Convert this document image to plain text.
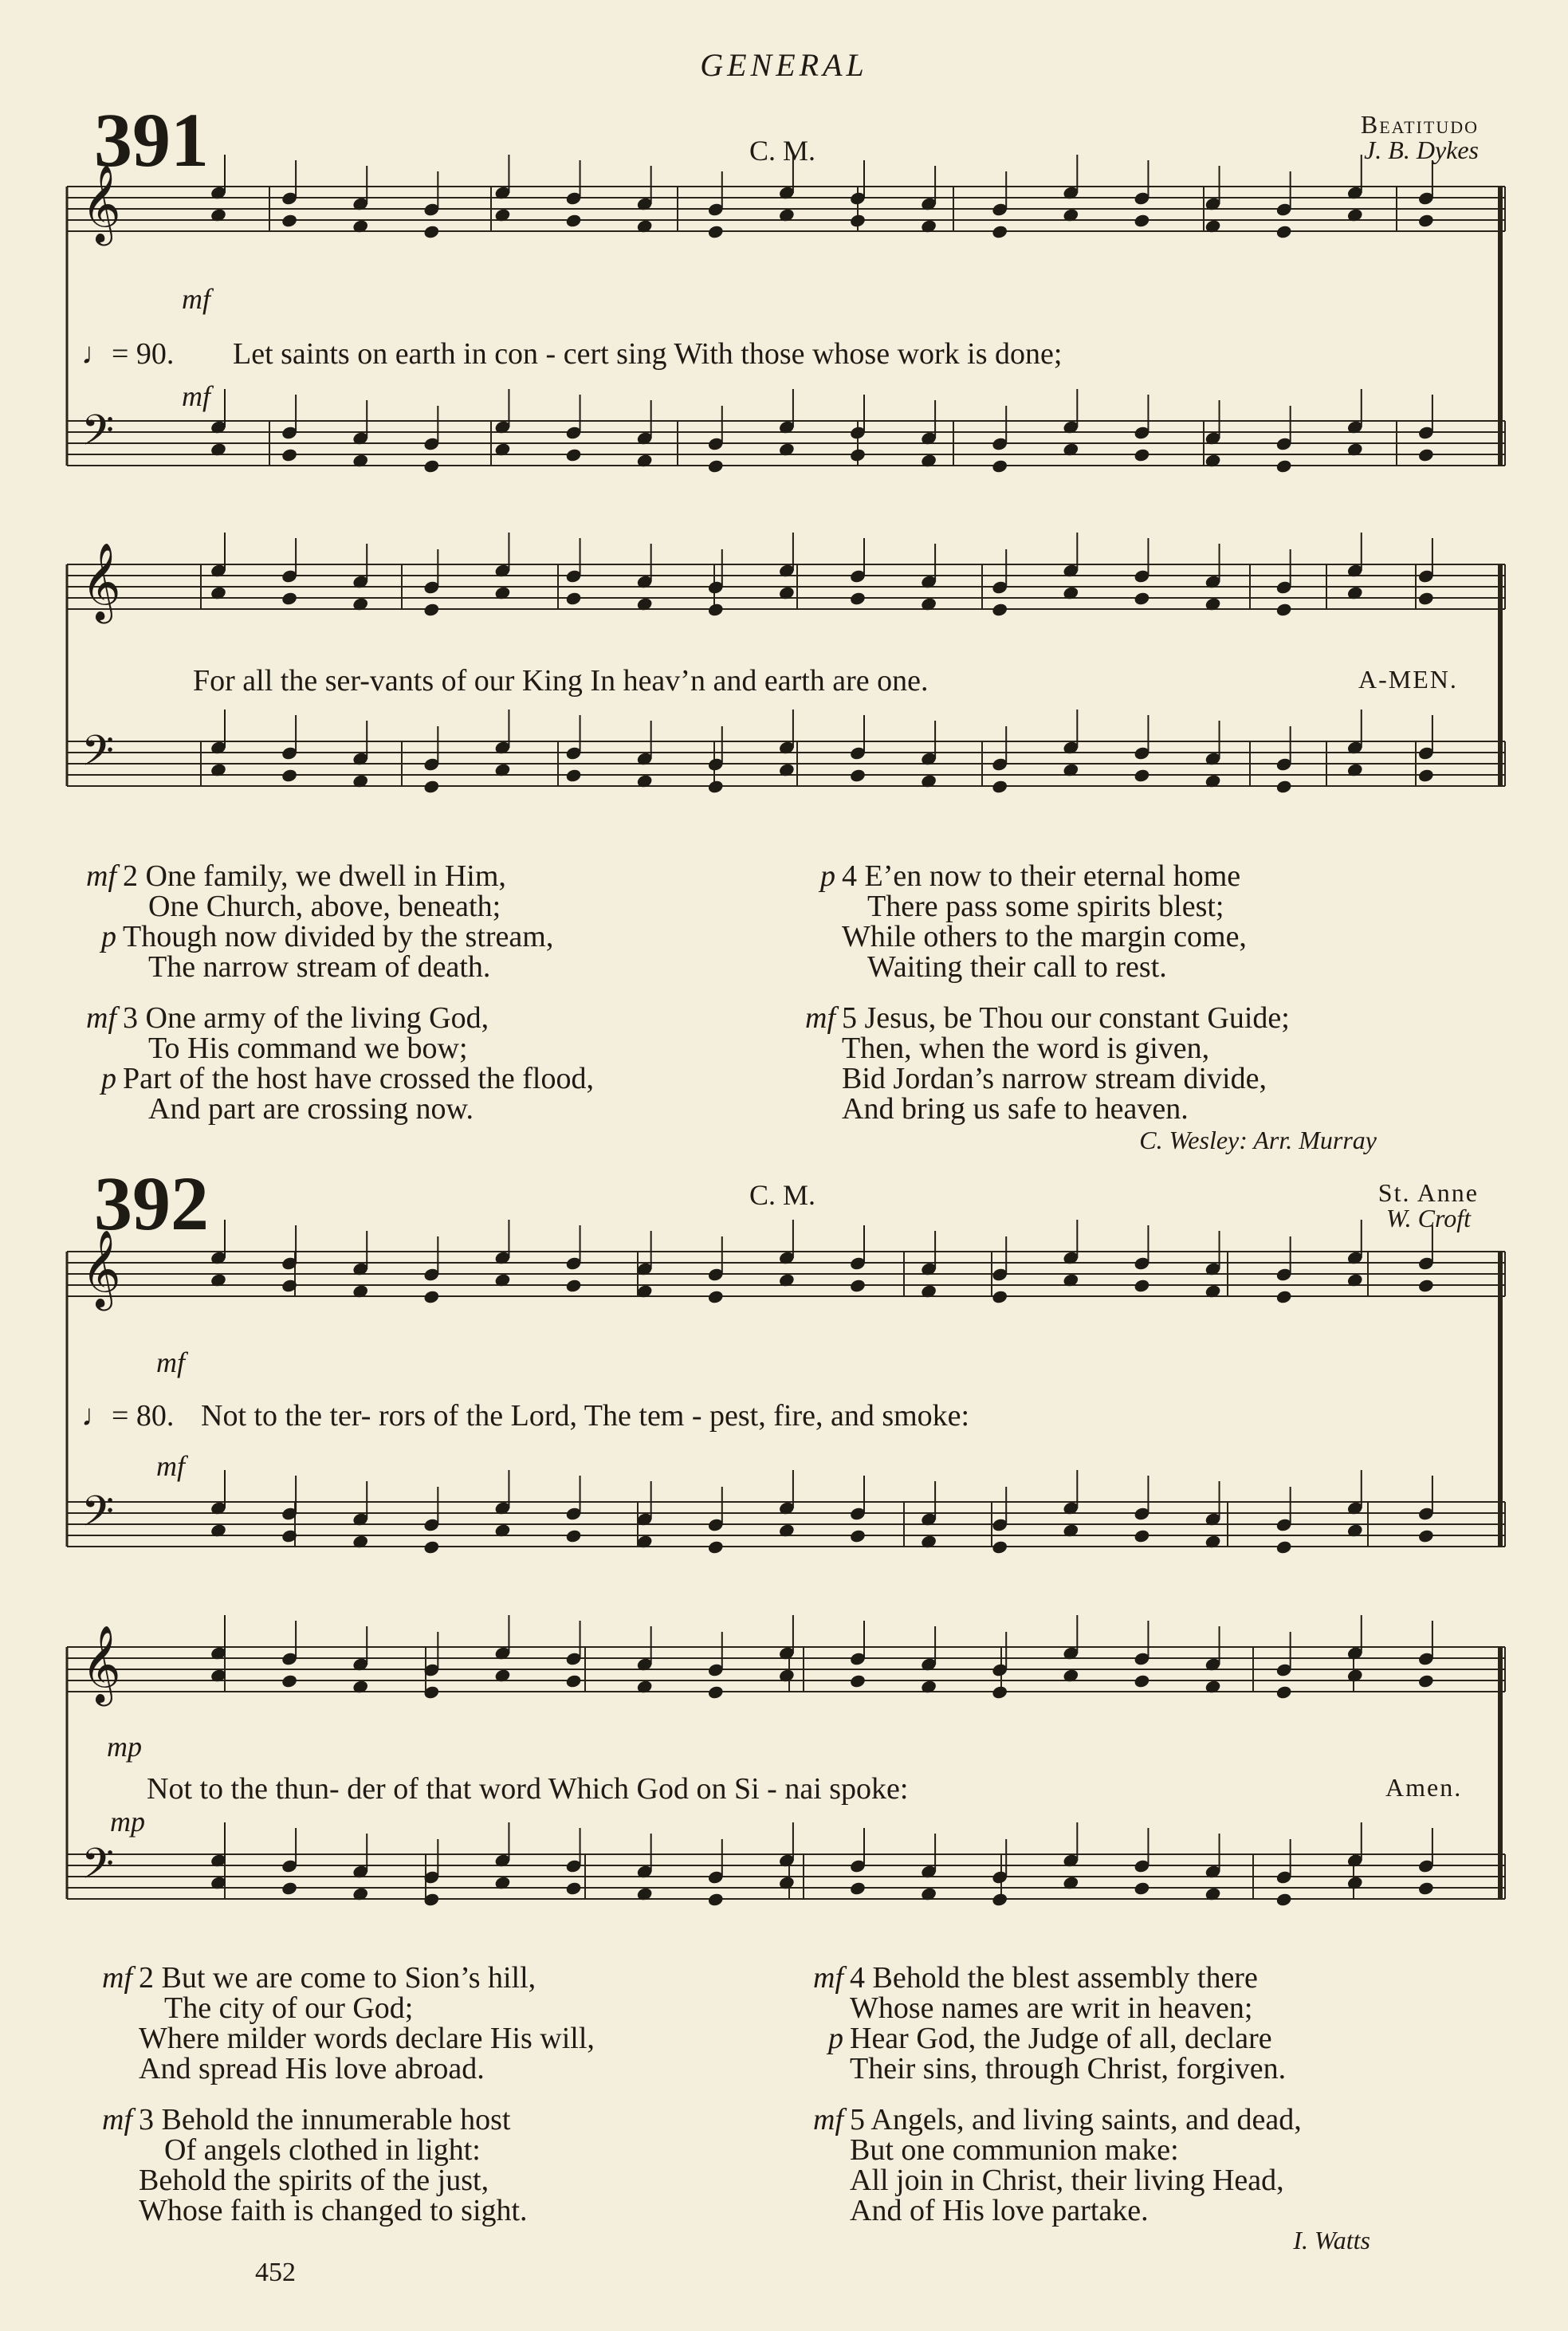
𝄞
𝄢
𝄞
𝄢
𝄞
𝄢
𝄞
𝄢
GENERAL
391	C. M.
Beatitudo
J. B. Dykes
mf
♩= 90. Let saints on earth in con - cert sing With those whose work is done;
mf
For all the ser-vants of our King In heav’n and earth are one.	A-MEN.
mf 2 One family, we dwell in Him,
One Church, above, beneath;
p Though now divided by the stream,
The narrow stream of death.
mf 3 One army of the living God,
To His command we bow;
p Part of the host have crossed the flood,
And part are crossing now.
p 4 E’en now to their eternal home
There pass some spirits blest;
While others to the margin come,
Waiting their call to rest.
mf 5 Jesus, be Thou our constant Guide;
Then, when the word is given,
Bid Jordan’s narrow stream divide,
And bring us safe to heaven.
C. Wesley: Arr. Murray
392	C. M.	St. Anne
W. Croft
mf
♩= 80. Not to the ter- rors of the Lord, The tem - pest, fire, and smoke:
mf
mp
Not to the thun- der of that word Which God on Si - nai spoke:	Amen.
mp
mf 2 But we are come to Sion’s hill,
The city of our God;
Where milder words declare His will,
And spread His love abroad.
mf 3 Behold the innumerable host
Of angels clothed in light:
Behold the spirits of the just,
Whose faith is changed to sight.
mf 4 Behold the blest assembly there
Whose names are writ in heaven;
p Hear God, the Judge of all, declare
Their sins, through Christ, forgiven.
mf 5 Angels, and living saints, and dead,
But one communion make:
All join in Christ, their living Head,
And of His love partake.
I. Watts
452
